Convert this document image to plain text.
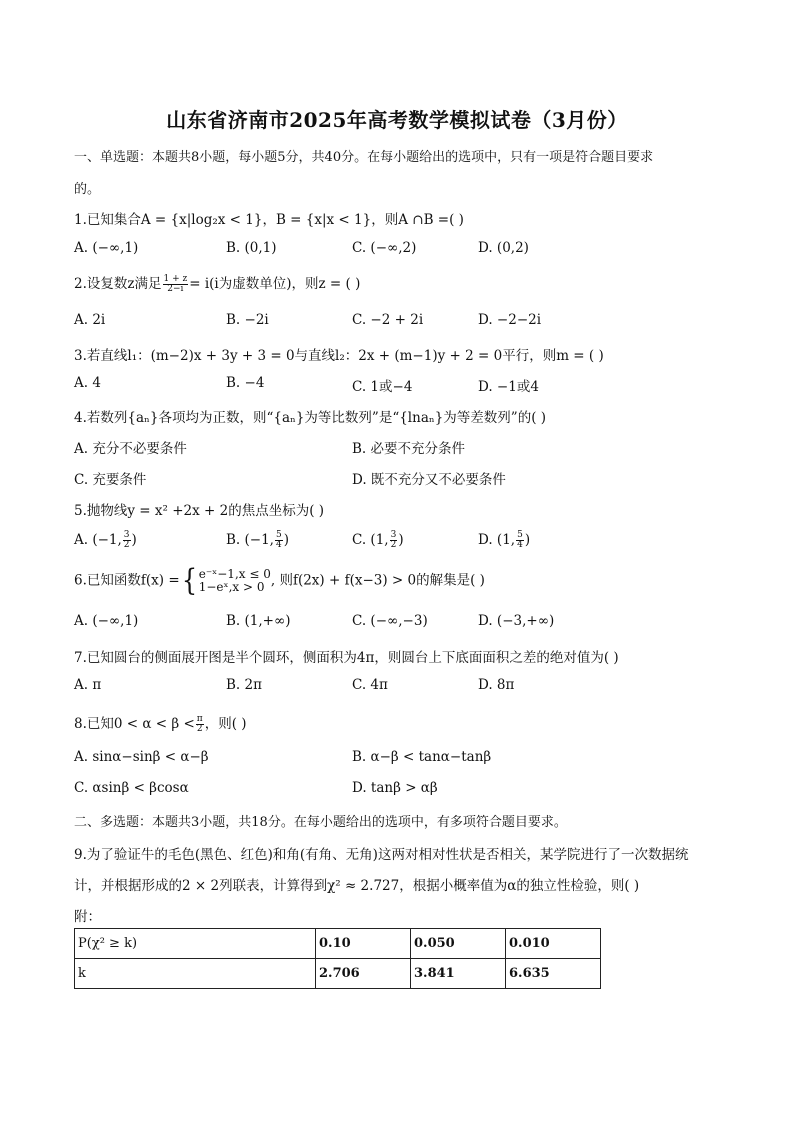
山东省济南市2025年高考数学模拟试卷（3月份）
一、单选题：本题共8小题，每小题5分，共40分。在每小题给出的选项中，只有一项是符合题目要求
的。
1.已知集合A = {x|log₂x < 1}，B = {x|x < 1}，则A ∩B =( )
A. (−∞,1)	B. (0,1)	C. (−∞,2)	D. (0,2)
2.设复数z满足 $\frac{1 + z}{2-i} = i(i$为虚数单位)，则z = ( )
A. 2i	B. −2i	C. −2 + 2i	D. −2−2i
3.若直线l₁：(m−2)x + 3y + 3 = 0与直线l₂：2x + (m−1)y + 2 = 0平行，则m = ( )
A. 4	B. −4	C. 1或−4	D. −1或4
4.若数列{aₙ}各项均为正数，则“{aₙ}为等比数列”是“{lnaₙ}为等差数列”的( )
A. 充分不必要条件	B. 必要不充分条件
C. 充要条件	D. 既不充分又不必要条件
5.抛物线y = x² +2x + 2的焦点坐标为( )
A. (−1, $\frac{3}{2}$ )	B. (−1, $\frac{5}{4}$ )	C. (1, $\frac{3}{2}$ )	D. (1, $\frac{5}{4}$ )
6.已知函数f(x) = { e⁻ˣ−1,x ≤ 0
1−eˣ,x > 0 , 则f(2x) + f(x−3) > 0的解集是( )
A. (−∞,1)	B. (1,+∞)	C. (−∞,−3)	D. (−3,+∞)
7.已知圆台的侧面展开图是半个圆环，侧面积为4π，则圆台上下底面面积之差的绝对值为( )
A. π	B. 2π	C. 4π	D. 8π
8.已知$0 < \alpha < \beta < \frac{\pi}{2}$ ，则( )
A. sinα−sinβ < α−β	B. α−β < tanα−tanβ
C. αsinβ < βcosα	D. tanβ > αβ
二、多选题：本题共3小题，共18分。在每小题给出的选项中，有多项符合题目要求。
9.为了验证牛的毛色(黑色、红色)和角(有角、无角)这两对相对性状是否相关，某学院进行了一次数据统
计，并根据形成的2 × 2列联表，计算得到χ² ≈ 2.727，根据小概率值为α的独立性检验，则( )
附：
P(χ² ≥ k)	0.10	0.050	0.010
k	2.706	3.841	6.635
